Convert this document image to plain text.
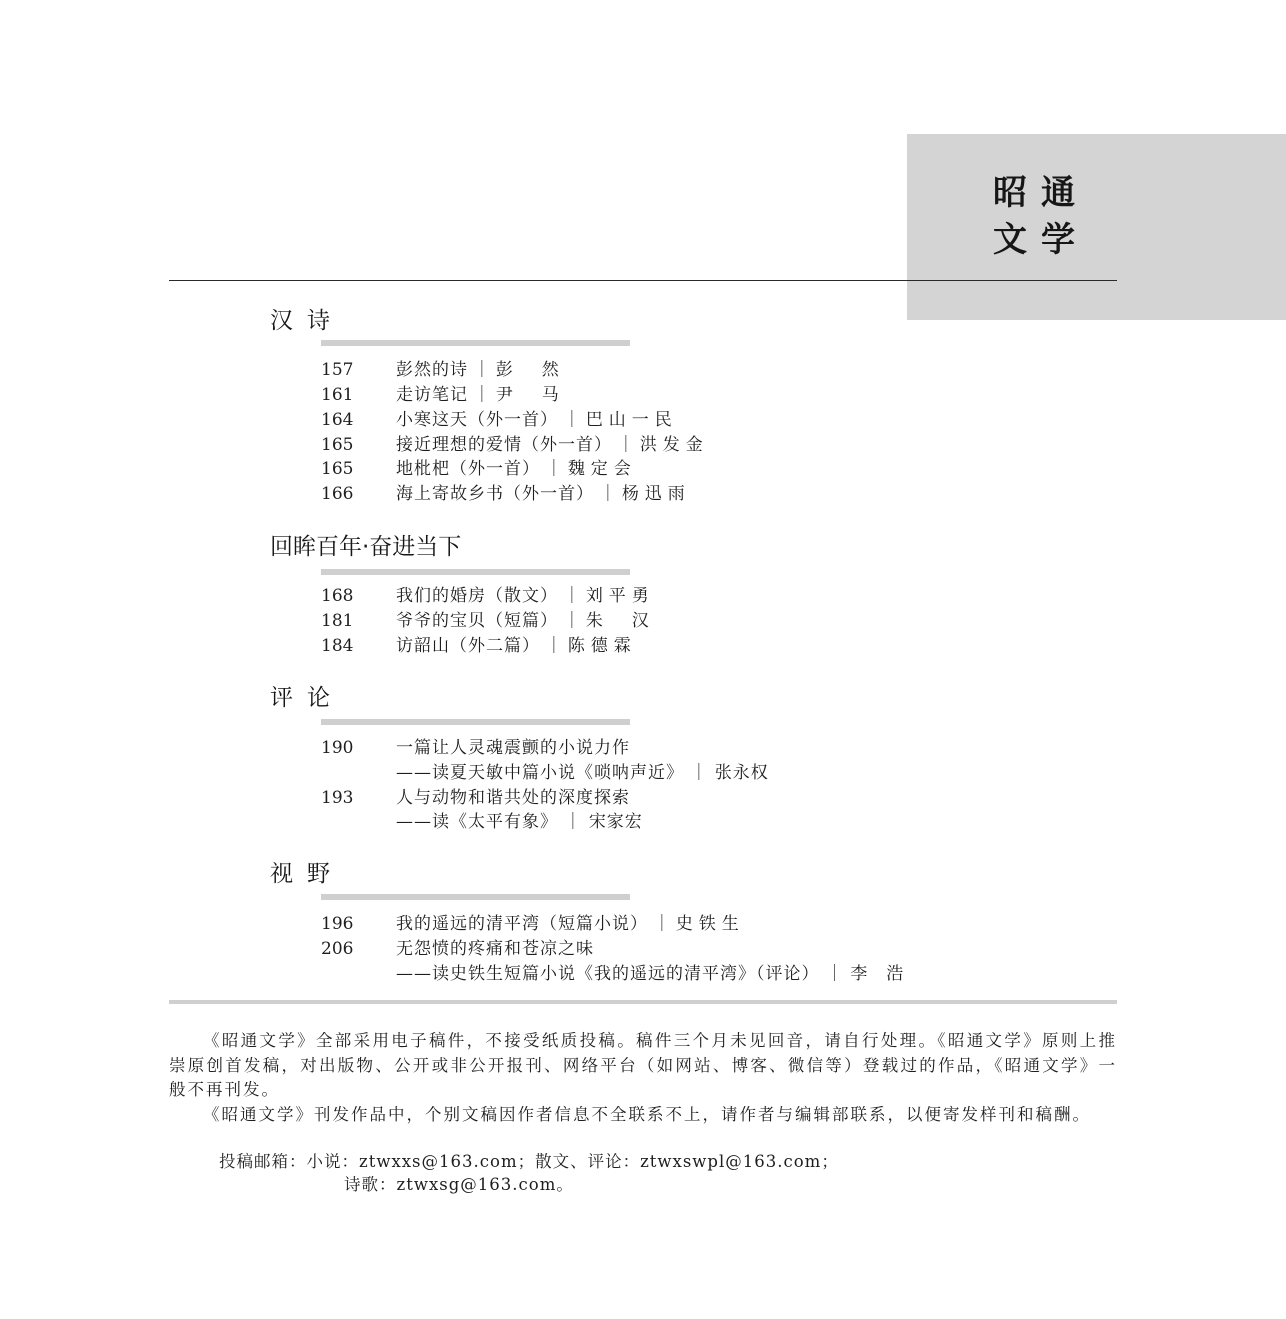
昭通
文学
汉诗
157	彭然的诗 ｜ 彭　然
161	走访笔记 ｜ 尹　马
164	小寒这天（外一首） ｜ 巴山一民
165	接近理想的爱情（外一首） ｜ 洪发金
165	地枇杷（外一首） ｜ 魏定会
166	海上寄故乡书（外一首） ｜ 杨迅雨
回眸百年·奋进当下
168	我们的婚房（散文） ｜ 刘平勇
181	爷爷的宝贝（短篇） ｜ 朱　汉
184	访韶山（外二篇） ｜ 陈德霖
评论
190	一篇让人灵魂震颤的小说力作
——读夏天敏中篇小说《唢呐声近》 ｜ 张永权
193	人与动物和谐共处的深度探索
——读《太平有象》 ｜ 宋家宏
视野
196	我的遥远的清平湾（短篇小说） ｜ 史铁生
206	无怨愤的疼痛和苍凉之味
——读史铁生短篇小说《我的遥远的清平湾》（评论） ｜ 李　浩

《昭通文学》全部采用电子稿件，不接受纸质投稿。稿件三个月未见回音，请自行处理。《昭通文学》原则上推崇原创首发稿，对出版物、公开或非公开报刊、网络平台（如网站、博客、微信等）登载过的作品，《昭通文学》一般不再刊发。

《昭通文学》刊发作品中，个别文稿因作者信息不全联系不上，请作者与编辑部联系，以便寄发样刊和稿酬。

投稿邮箱：小说：ztwxxs@163.com；散文、评论：ztwxswpl@163.com；
诗歌：ztwxsg@163.com。
